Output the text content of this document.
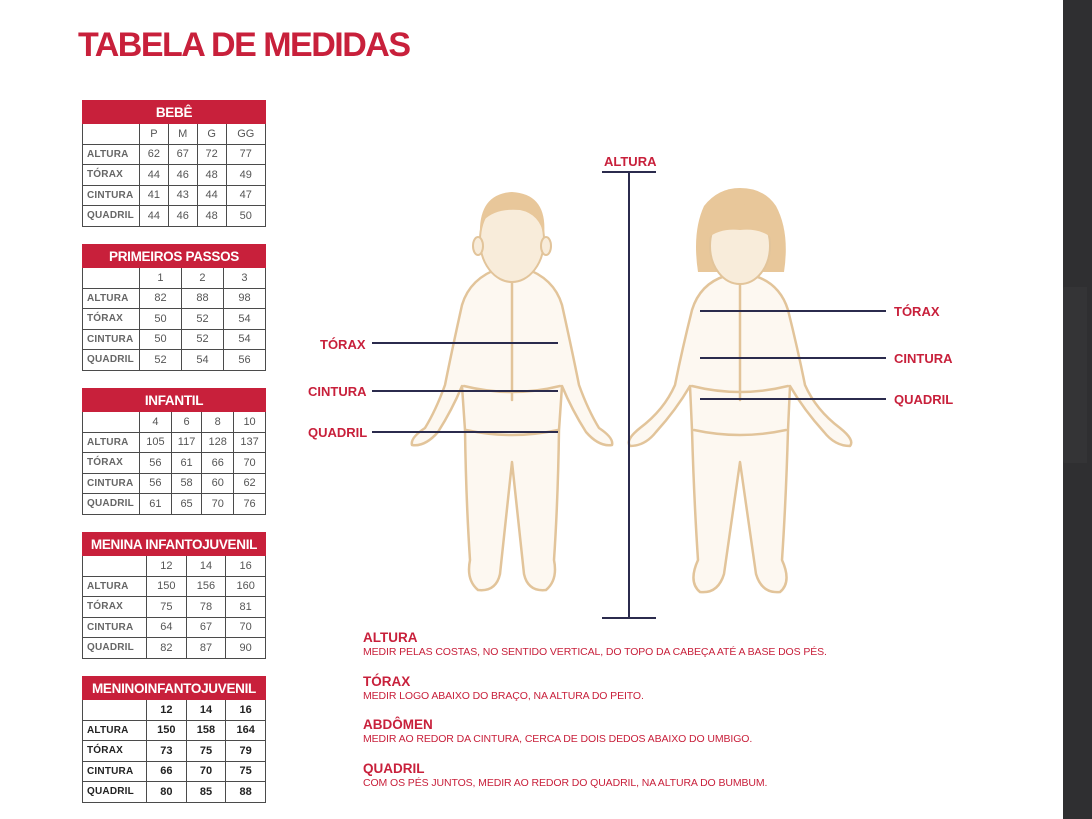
TABELA DE MEDIDAS
BEBÊ				
	P	M	G	GG
ALTURA	62	67	72	77
TÓRAX	44	46	48	49
CINTURA	41	43	44	47
QUADRIL	44	46	48	50
PRIMEIROS PASSOS			
	1	2	3
ALTURA	82	88	98
TÓRAX	50	52	54
CINTURA	50	52	54
QUADRIL	52	54	56
INFANTIL				
	4	6	8	10
ALTURA	105	117	128	137
TÓRAX	56	61	66	70
CINTURA	56	58	60	62
QUADRIL	61	65	70	76
MENINA INFANTOJUVENIL			
	12	14	16
ALTURA	150	156	160
TÓRAX	75	78	81
CINTURA	64	67	70
QUADRIL	82	87	90
MENINOINFANTOJUVENIL			
	12	14	16
ALTURA	150	158	164
TÓRAX	73	75	79
CINTURA	66	70	75
QUADRIL	80	85	88
ALTURA
TÓRAX
CINTURA
QUADRIL
TÓRAX
CINTURA
QUADRIL
ALTURA
MEDIR PELAS COSTAS, NO SENTIDO VERTICAL, DO TOPO DA CABEÇA ATÉ A BASE DOS PÉS.
TÓRAX
MEDIR LOGO ABAIXO DO BRAÇO, NA ALTURA DO PEITO.
ABDÔMEN
MEDIR AO REDOR DA CINTURA, CERCA DE DOIS DEDOS ABAIXO DO UMBIGO.
QUADRIL
COM OS PÉS JUNTOS, MEDIR AO REDOR DO QUADRIL, NA ALTURA DO BUMBUM.
